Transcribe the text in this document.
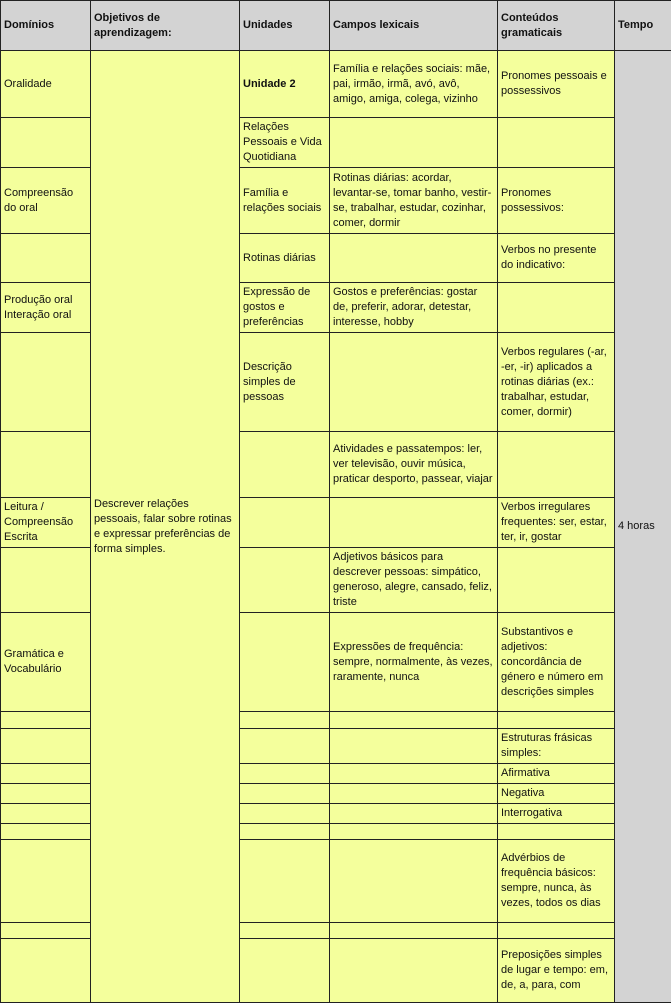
Domínios	Objetivos de aprendizagem:	Unidades	Campos lexicais	Conteúdos gramaticais	Tempo
Oralidade	Descrever relações pessoais, falar sobre rotinas e expressar preferências de forma simples.	Unidade 2	Família e relações sociais: mãe, pai, irmão, irmã, avó, avô, amigo, amiga, colega, vizinho	Pronomes pessoais e possessivos	4 horas
		Relações Pessoais e Vida Quotidiana			
Compreensão do oral		Família e relações sociais	Rotinas diárias: acordar, levantar-se, tomar banho, vestir-se, trabalhar, estudar, cozinhar, comer, dormir	Pronomes possessivos:	
		Rotinas diárias		Verbos no presente do indicativo:	
Produção oral Interação oral		Expressão de gostos e preferências	Gostos e preferências: gostar de, preferir, adorar, detestar, interesse, hobby		
		Descrição simples de pessoas		Verbos regulares (-ar, -er, -ir) aplicados a rotinas diárias (ex.: trabalhar, estudar, comer, dormir)	
			Atividades e passatempos: ler, ver televisão, ouvir música, praticar desporto, passear, viajar		
Leitura / Compreensão Escrita				Verbos irregulares frequentes: ser, estar, ter, ir, gostar	
			Adjetivos básicos para descrever pessoas: simpático, generoso, alegre, cansado, feliz, triste		
Gramática e Vocabulário			Expressões de frequência: sempre, normalmente, às vezes, raramente, nunca	Substantivos e adjetivos: concordância de género e número em descrições simples	

				Estruturas frásicas simples:	
				Afirmativa	
				Negativa	
				Interrogativa	

				Advérbios de frequência básicos: sempre, nunca, às vezes, todos os dias	

				Preposições simples de lugar e tempo: em, de, a, para, com	
